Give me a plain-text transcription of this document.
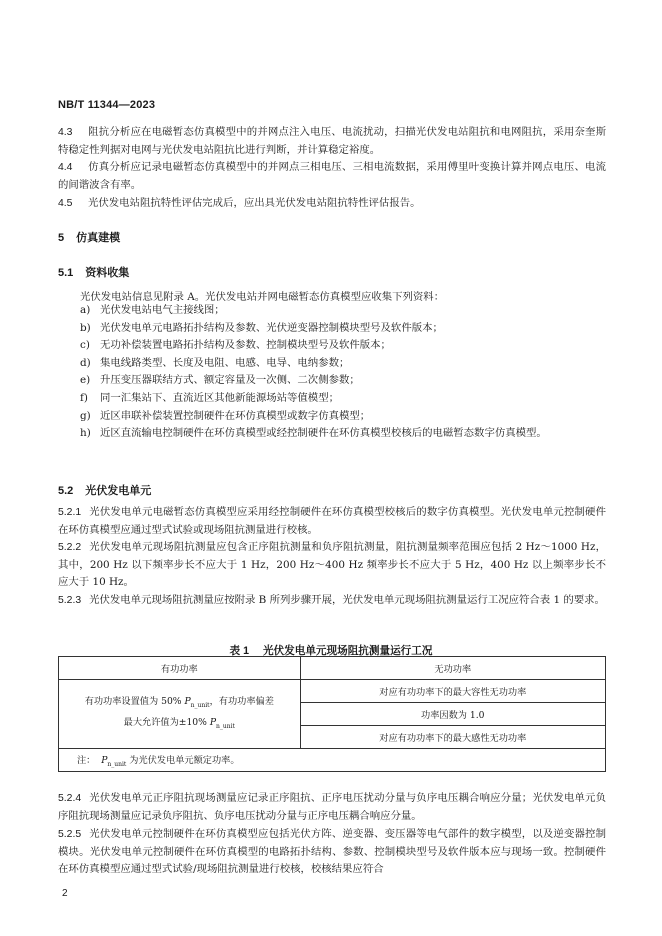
NB/T 11344—2023
4.3 阻抗分析应在电磁暂态仿真模型中的并网点注入电压、电流扰动，扫描光伏发电站阻抗和电网阻抗，采用奈奎斯特稳定性判据对电网与光伏发电站阻抗比进行判断，并计算稳定裕度。
4.4 仿真分析应记录电磁暂态仿真模型中的并网点三相电压、三相电流数据，采用傅里叶变换计算并网点电压、电流的间谐波含有率。
4.5 光伏发电站阻抗特性评估完成后，应出具光伏发电站阻抗特性评估报告。
5 仿真建模
5.1 资料收集
光伏发电站信息见附录 A。光伏发电站并网电磁暂态仿真模型应收集下列资料：
a) 光伏发电站电气主接线图；
b) 光伏发电单元电路拓扑结构及参数、光伏逆变器控制模块型号及软件版本；
c) 无功补偿装置电路拓扑结构及参数、控制模块型号及软件版本；
d) 集电线路类型、长度及电阻、电感、电导、电纳参数；
e) 升压变压器联结方式、额定容量及一次侧、二次侧参数；
f)	同一汇集站下、直流近区其他新能源场站等值模型；
g) 近区串联补偿装置控制硬件在环仿真模型或数字仿真模型；
h) 近区直流输电控制硬件在环仿真模型或经控制硬件在环仿真模型校核后的电磁暂态数字仿真模型。
5.2 光伏发电单元
5.2.1 光伏发电单元电磁暂态仿真模型应采用经控制硬件在环仿真模型校核后的数字仿真模型。光伏发电单元控制硬件在环仿真模型应通过型式试验或现场阻抗测量进行校核。
5.2.2 光伏发电单元现场阻抗测量应包含正序阻抗测量和负序阻抗测量，阻抗测量频率范围应包括 2 Hz～1000 Hz，其中，200 Hz 以下频率步长不应大于 1 Hz，200 Hz～400 Hz 频率步长不应大于 5 Hz，400 Hz 以上频率步长不应大于 10 Hz。
5.2.3 光伏发电单元现场阻抗测量应按附录 B 所列步骤开展，光伏发电单元现场阻抗测量运行工况应符合表 1 的要求。
表 1 光伏发电单元现场阻抗测量运行工况
有功功率	无功功率
有功功率设置值为 50% $P_{n\_unit}$，有功功率偏差
最大允许值为±10% $P_{n\_unit}$	对应有功功率下的最大容性无功功率
	功率因数为 1.0
	对应有功功率下的最大感性无功功率
注： $P_{n\_unit}$ 为光伏发电单元额定功率。	
5.2.4 光伏发电单元正序阻抗现场测量应记录正序阻抗、正序电压扰动分量与负序电压耦合响应分量；光伏发电单元负序阻抗现场测量应记录负序阻抗、负序电压扰动分量与正序电压耦合响应分量。
5.2.5 光伏发电单元控制硬件在环仿真模型应包括光伏方阵、逆变器、变压器等电气部件的数字模型，以及逆变器控制模块。光伏发电单元控制硬件在环仿真模型的电路拓扑结构、参数、控制模块型号及软件版本应与现场一致。控制硬件在环仿真模型应通过型式试验/现场阻抗测量进行校核，校核结果应符合
2
